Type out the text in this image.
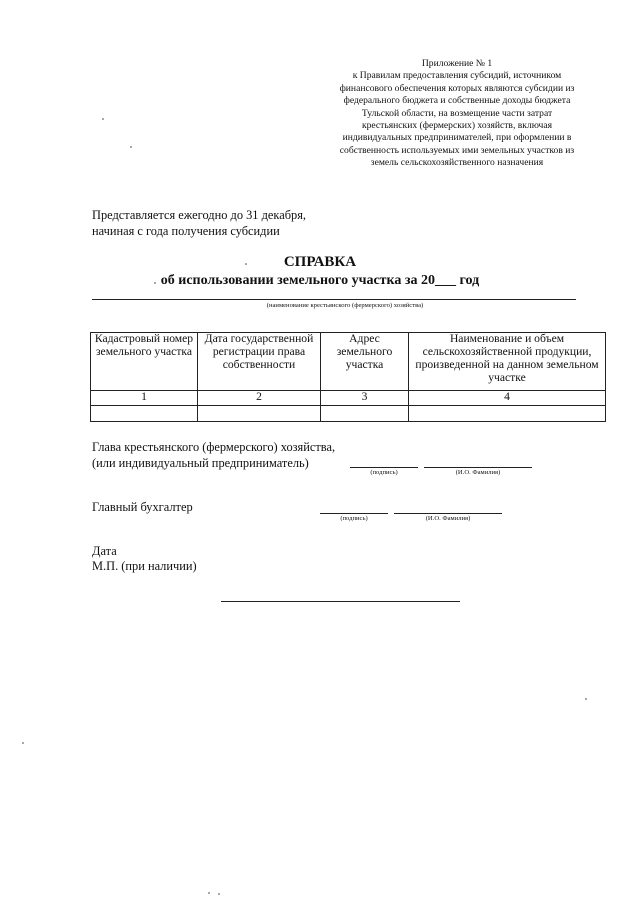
Приложение № 1
к Правилам предоставления субсидий, источником
финансового обеспечения которых являются субсидии из
федерального бюджета и собственные доходы бюджета
Тульской области, на возмещение части затрат
крестьянских (фермерских) хозяйств, включая
индивидуальных предпринимателей, при оформлении в
собственность используемых ими земельных участков из
земель сельскохозяйственного назначения
Представляется ежегодно до 31 декабря,
начиная с года получения субсидии
СПРАВКА
об использовании земельного участка за 20___ год
(наименование крестьянского (фермерского) хозяйства)
Кадастровый номер земельного участка	Дата государственной регистрации права собственности	Адрес земельного участка	Наименование и объем сельскохозяйственной продукции, произведенной на данном земельном участке
1	2	3	4

Глава крестьянского (фермерского) хозяйства,
(или индивидуальный предприниматель)
(подпись)	(И.О. Фамилия)
Главный бухгалтер
(подпись)	(И.О. Фамилия)
Дата
М.П. (при наличии)
